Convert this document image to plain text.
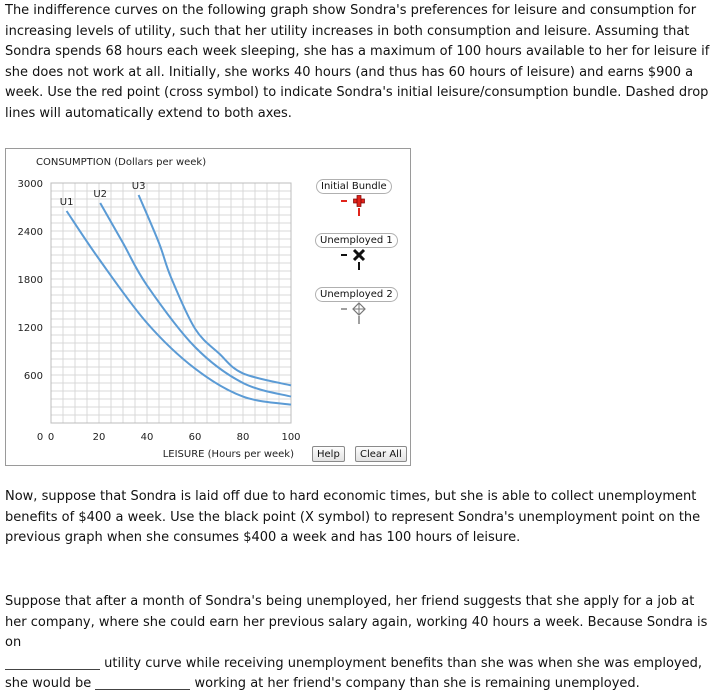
The indifference curves on the following graph show Sondra's preferences for leisure and consumption for increasing levels of utility, such that her utility increases in both consumption and leisure. Assuming that Sondra spends 68 hours each week sleeping, she has a maximum of 100 hours available to her for leisure if she does not work at all. Initially, she works 40 hours (and thus has 60 hours of leisure) and earns $900 a week. Use the red point (cross symbol) to indicate Sondra's initial leisure/consumption bundle. Dashed drop lines will automatically extend to both axes.

CONSUMPTION (Dollars per week)
LEISURE (Hours per week)
0	20	40	60	80	100
600
1200
1800
2400
3000
0
U1
U2
U3	Initial Bundle
Unemployed 1
Unemployed 2
Help	Clear All

Now, suppose that Sondra is laid off due to hard economic times, but she is able to collect unemployment benefits of $400 a week. Use the black point (X symbol) to represent Sondra's unemployment point on the previous graph when she consumes $400 a week and has 100 hours of leisure.

Suppose that after a month of Sondra's being unemployed, her friend suggests that she apply for a job at her company, where she could earn her previous salary again, working 40 hours a week. Because Sondra is on
utility curve while receiving unemployment benefits than she was when she was employed, she would be	working at her friend's company than she is remaining unemployed.
